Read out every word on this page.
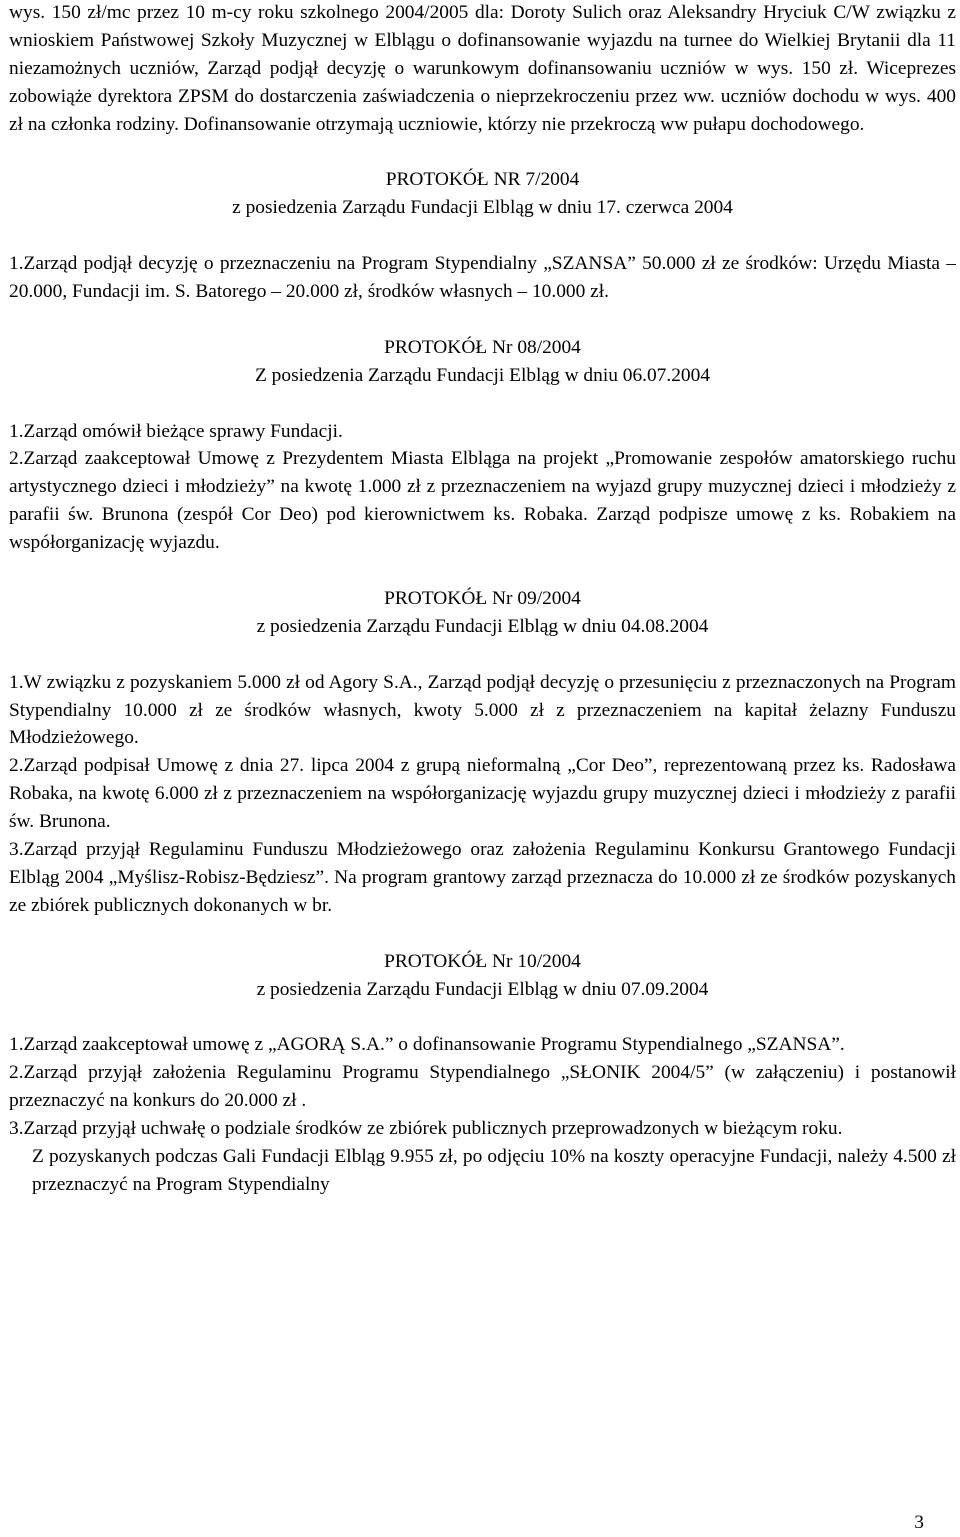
wys. 150 zł/mc przez 10 m-cy roku szkolnego 2004/2005 dla: Doroty Sulich oraz Aleksandry Hryciuk C/W związku z wnioskiem Państwowej Szkoły Muzycznej w Elblągu o dofinansowanie wyjazdu na turnee do Wielkiej Brytanii dla 11 niezamożnych uczniów, Zarząd podjął decyzję o warunkowym dofinansowaniu uczniów w wys. 150 zł. Wiceprezes zobowiąże dyrektora ZPSM do dostarczenia zaświadczenia o nieprzekroczeniu przez ww. uczniów dochodu w wys. 400 zł na członka rodziny. Dofinansowanie otrzymają uczniowie, którzy nie przekroczą ww pułapu dochodowego.

PROTOKÓŁ NR 7/2004

z posiedzenia Zarządu Fundacji Elbląg w dniu 17. czerwca 2004

1.Zarząd podjął decyzję o przeznaczeniu na Program Stypendialny „SZANSA” 50.000 zł ze środków: Urzędu Miasta – 20.000, Fundacji im. S. Batorego – 20.000 zł, środków własnych – 10.000 zł.

PROTOKÓŁ Nr 08/2004

Z posiedzenia Zarządu Fundacji Elbląg w dniu 06.07.2004

1.Zarząd omówił bieżące sprawy Fundacji.

2.Zarząd zaakceptował Umowę z Prezydentem Miasta Elbląga na projekt „Promowanie zespołów amatorskiego ruchu artystycznego dzieci i młodzieży” na kwotę 1.000 zł z przeznaczeniem na wyjazd grupy muzycznej dzieci i młodzieży z parafii św. Brunona (zespół Cor Deo) pod kierownictwem ks. Robaka. Zarząd podpisze umowę z ks. Robakiem na współorganizację wyjazdu.

PROTOKÓŁ Nr 09/2004

z posiedzenia Zarządu Fundacji Elbląg w dniu 04.08.2004

1.W związku z pozyskaniem 5.000 zł od Agory S.A., Zarząd podjął decyzję o przesunięciu z przeznaczonych na Program Stypendialny 10.000 zł ze środków własnych, kwoty 5.000 zł z przeznaczeniem na kapitał żelazny Funduszu Młodzieżowego.

2.Zarząd podpisał Umowę z dnia 27. lipca 2004 z grupą nieformalną „Cor Deo”, reprezentowaną przez ks. Radosława Robaka, na kwotę 6.000 zł z przeznaczeniem na współorganizację wyjazdu grupy muzycznej dzieci i młodzieży z parafii św. Brunona.

3.Zarząd przyjął Regulaminu Funduszu Młodzieżowego oraz założenia Regulaminu Konkursu Grantowego Fundacji Elbląg 2004 „Myślisz-Robisz-Będziesz”. Na program grantowy zarząd przeznacza do 10.000 zł ze środków pozyskanych ze zbiórek publicznych dokonanych w br.

PROTOKÓŁ Nr 10/2004

z posiedzenia Zarządu Fundacji Elbląg w dniu 07.09.2004

1.Zarząd zaakceptował umowę z „AGORĄ S.A.” o dofinansowanie Programu Stypendialnego „SZANSA”.

2.Zarząd przyjął założenia Regulaminu Programu Stypendialnego „SŁONIK 2004/5” (w załączeniu) i postanowił przeznaczyć na konkurs do 20.000 zł .

3.Zarząd przyjął uchwałę o podziale środków ze zbiórek publicznych przeprowadzonych w bieżącym roku.

Z pozyskanych podczas Gali Fundacji Elbląg 9.955 zł, po odjęciu 10% na koszty operacyjne Fundacji, należy 4.500 zł przeznaczyć na Program Stypendialny

3
